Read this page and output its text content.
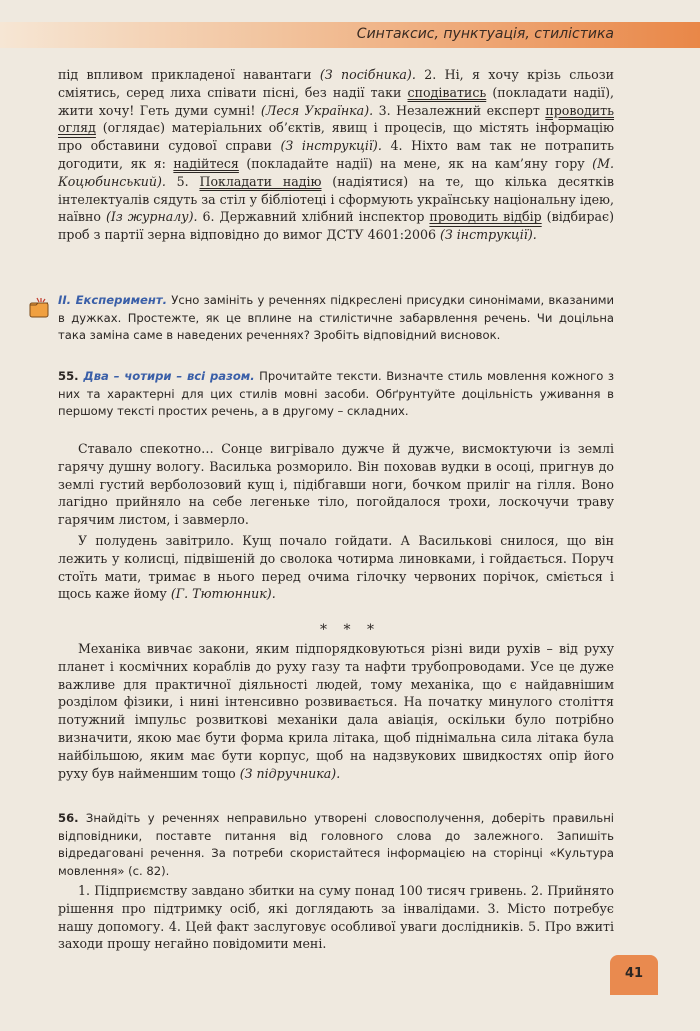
Синтаксис, пунктуація, стилістика
під впливом прикладеної навантаги (З посібника). 2. Ні, я хочу крізь сльози сміятись, серед лиха співати пісні, без надії таки сподіватись (покладати надії), жити хочу! Геть думи сумні! (Леся Українка). 3. Незалежний експерт проводить огляд (оглядає) матеріальних об’єктів, явищ і процесів, що містять інформацію про обставини судової справи (З інструкції). 4. Ніхто вам так не потрапить догодити, як я: надійтеся (покладайте надії) на мене, як на кам’яну гору (М. Коцюбинський). 5. Покладати надію (надіятися) на те, що кілька десятків інтелектуалів сядуть за стіл у бібліотеці і сформують українську національну ідею, наївно (Із журналу). 6. Державний хлібний інспектор проводить відбір (відбирає) проб з партії зерна відповідно до вимог ДСТУ 4601:2006 (З інструкції).
ІІ. Експеримент. Усно замініть у реченнях підкреслені присудки синонімами, вказаними в дужках. Простежте, як це вплине на стилістичне забарвлення речень. Чи доцільна така заміна саме в наведених реченнях? Зробіть відповідний висновок.
55. Два – чотири – всі разом. Прочитайте тексти. Визначте стиль мовлення кожного з них та характерні для цих стилів мовні засоби. Обґрунтуйте доцільність уживання в першому тексті простих речень, а в другому – складних.
Ставало спекотно… Сонце вигрівало дужче й дужче, висмоктуючи із землі гарячу душну вологу. Василька розморило. Він поховав вудки в осоці, пригнув до землі густий верболозовий кущ і, підібгавши ноги, бочком приліг на гілля. Воно лагідно прийняло на себе легеньке тіло, погойдалося трохи, лоскочучи траву гарячим листом, і завмерло.
У полудень завітрило. Кущ почало гойдати. А Василькові снилося, що він лежить у колисці, підвішеній до сволока чотирма линовками, і гойдається. Поруч стоїть мати, тримає в нього перед очима гілочку червоних порічок, сміється і щось каже йому (Г. Тютюнник).
* * *
Механіка вивчає закони, яким підпорядковуються різні види рухів – від руху планет і космічних кораблів до руху газу та нафти трубопроводами. Усе це дуже важливе для практичної діяльності людей, тому механіка, що є найдавнішим розділом фізики, і нині інтенсивно розвивається. На початку минулого століття потужний імпульс розвиткові механіки дала авіація, оскільки було потрібно визначити, якою має бути форма крила літака, щоб піднімальна сила літака була найбільшою, яким має бути корпус, щоб на надзвукових швидкостях опір його руху був найменшим тощо (З підручника).
56. Знайдіть у реченнях неправильно утворені словосполучення, доберіть правильні відповідники, поставте питання від головного слова до залежного. Запишіть відредаговані речення. За потреби скористайтеся інформацією на сторінці «Культура мовлення» (с. 82).
1. Підприємству завдано збитки на суму понад 100 тисяч гривень. 2. Прийнято рішення про підтримку осіб, які доглядають за інвалідами. 3. Місто потребує нашу допомогу. 4. Цей факт заслуговує особливої уваги дослідників. 5. Про вжиті заходи прошу негайно повідомити мені.
41
